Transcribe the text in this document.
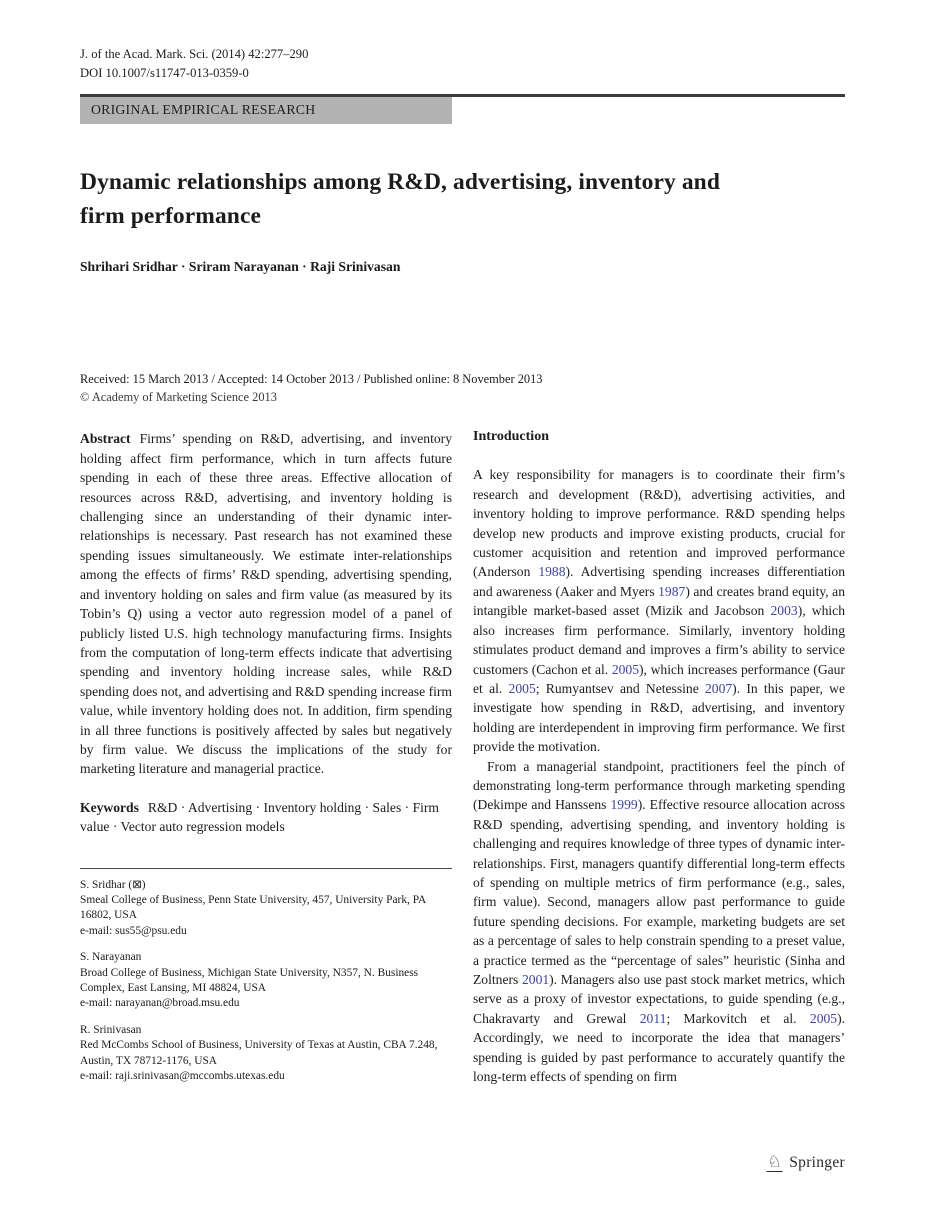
J. of the Acad. Mark. Sci. (2014) 42:277–290
DOI 10.1007/s11747-013-0359-0
ORIGINAL EMPIRICAL RESEARCH
Dynamic relationships among R&D, advertising, inventory and firm performance
Shrihari Sridhar · Sriram Narayanan · Raji Srinivasan
Received: 15 March 2013 / Accepted: 14 October 2013 / Published online: 8 November 2013
© Academy of Marketing Science 2013

Abstract Firms’ spending on R&D, advertising, and inventory holding affect firm performance, which in turn affects future spending in each of these three areas. Effective allocation of resources across R&D, advertising, and inventory holding is challenging since an understanding of their dynamic inter-relationships is necessary. Past research has not examined these spending issues simultaneously. We estimate inter-relationships among the effects of firms’ R&D spending, advertising spending, and inventory holding on sales and firm value (as measured by its Tobin’s Q) using a vector auto regression model of a panel of publicly listed U.S. high technology manufacturing firms. Insights from the computation of long-term effects indicate that advertising spending and inventory holding increase sales, while R&D spending does not, and advertising and R&D spending increase firm value, while inventory holding does not. In addition, firm spending in all three functions is positively affected by sales but negatively by firm value. We discuss the implications of the study for marketing literature and managerial practice.

Keywords R&D · Advertising · Inventory holding · Sales · Firm value · Vector auto regression models

S. Sridhar (⊠)
Smeal College of Business, Penn State University, 457, University Park, PA 16802, USA
e-mail: sus55@psu.edu
S. Narayanan
Broad College of Business, Michigan State University, N357, N. Business Complex, East Lansing, MI 48824, USA
e-mail: narayanan@broad.msu.edu
R. Srinivasan
Red McCombs School of Business, University of Texas at Austin, CBA 7.248, Austin, TX 78712-1176, USA
e-mail: raji.srinivasan@mccombs.utexas.edu
Introduction

A key responsibility for managers is to coordinate their firm’s research and development (R&D), advertising activities, and inventory holding to improve performance. R&D spending helps develop new products and improve existing products, crucial for customer acquisition and retention and improved performance (Anderson 1988). Advertising spending increases differentiation and awareness (Aaker and Myers 1987) and creates brand equity, an intangible market-based asset (Mizik and Jacobson 2003), which also increases firm performance. Similarly, inventory holding stimulates product demand and improves a firm’s ability to service customers (Cachon et al. 2005), which increases performance (Gaur et al. 2005; Rumyantsev and Netessine 2007). In this paper, we investigate how spending in R&D, advertising, and inventory holding are interdependent in improving firm performance. We first provide the motivation.

From a managerial standpoint, practitioners feel the pinch of demonstrating long-term performance through marketing spending (Dekimpe and Hanssens 1999). Effective resource allocation across R&D spending, advertising spending, and inventory holding is challenging and requires knowledge of three types of dynamic inter-relationships. First, managers quantify differential long-term effects of spending on multiple metrics of firm performance (e.g., sales, firm value). Second, managers allow past performance to guide future spending decisions. For example, marketing budgets are set as a percentage of sales to help constrain spending to a preset value, a practice termed as the “percentage of sales” heuristic (Sinha and Zoltners 2001). Managers also use past stock market metrics, which serve as a proxy of investor expectations, to guide spending (e.g., Chakravarty and Grewal 2011; Markovitch et al. 2005). Accordingly, we need to incorporate the idea that managers’ spending is guided by past performance to accurately quantify the long-term effects of spending on firm

♘ Springer
